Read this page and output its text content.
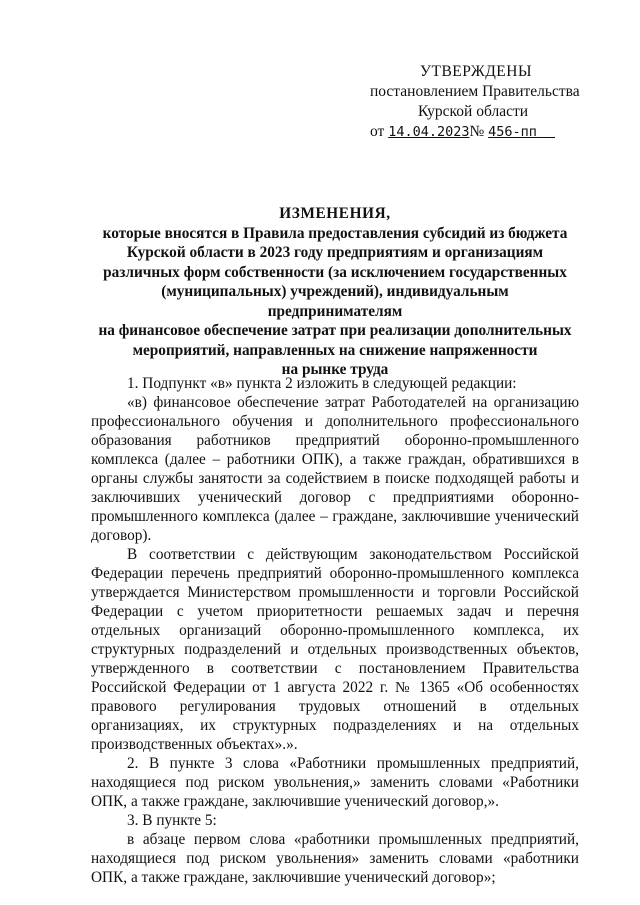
УТВЕРЖДЕНЫ
постановлением Правительства
Курской области
от 14.04.2023№ 456-пп
ИЗМЕНЕНИЯ,
которые вносятся в Правила предоставления субсидий из бюджета
Курской области в 2023 году предприятиям и организациям
различных форм собственности (за исключением государственных
(муниципальных) учреждений), индивидуальным предпринимателям
на финансовое обеспечение затрат при реализации дополнительных
мероприятий, направленных на снижение напряженности
на рынке труда

1. Подпункт «в» пункта 2 изложить в следующей редакции:

«в) финансовое обеспечение затрат Работодателей на организацию профессионального обучения и дополнительного профессионального образования работников предприятий оборонно-промышленного комплекса (далее – работники ОПК), а также граждан, обратившихся в органы службы занятости за содействием в поиске подходящей работы и заключивших ученический договор с предприятиями оборонно-промышленного комплекса (далее – граждане, заключившие ученический договор).

В соответствии с действующим законодательством Российской Федерации перечень предприятий оборонно-промышленного комплекса утверждается Министерством промышленности и торговли Российской Федерации с учетом приоритетности решаемых задач и перечня отдельных организаций оборонно-промышленного комплекса, их структурных подразделений и отдельных производственных объектов, утвержденного в соответствии с постановлением Правительства Российской Федерации от 1 августа 2022 г. № 1365 «Об особенностях правового регулирования трудовых отношений в отдельных организациях, их структурных подразделениях и на отдельных производственных объектах».».

2. В пункте 3 слова «Работники промышленных предприятий, находящиеся под риском увольнения,» заменить словами «Работники ОПК, а также граждане, заключившие ученический договор,».

3. В пункте 5:

в абзаце первом слова «работники промышленных предприятий, находящиеся под риском увольнения» заменить словами «работники ОПК, а также граждане, заключившие ученический договор»;
